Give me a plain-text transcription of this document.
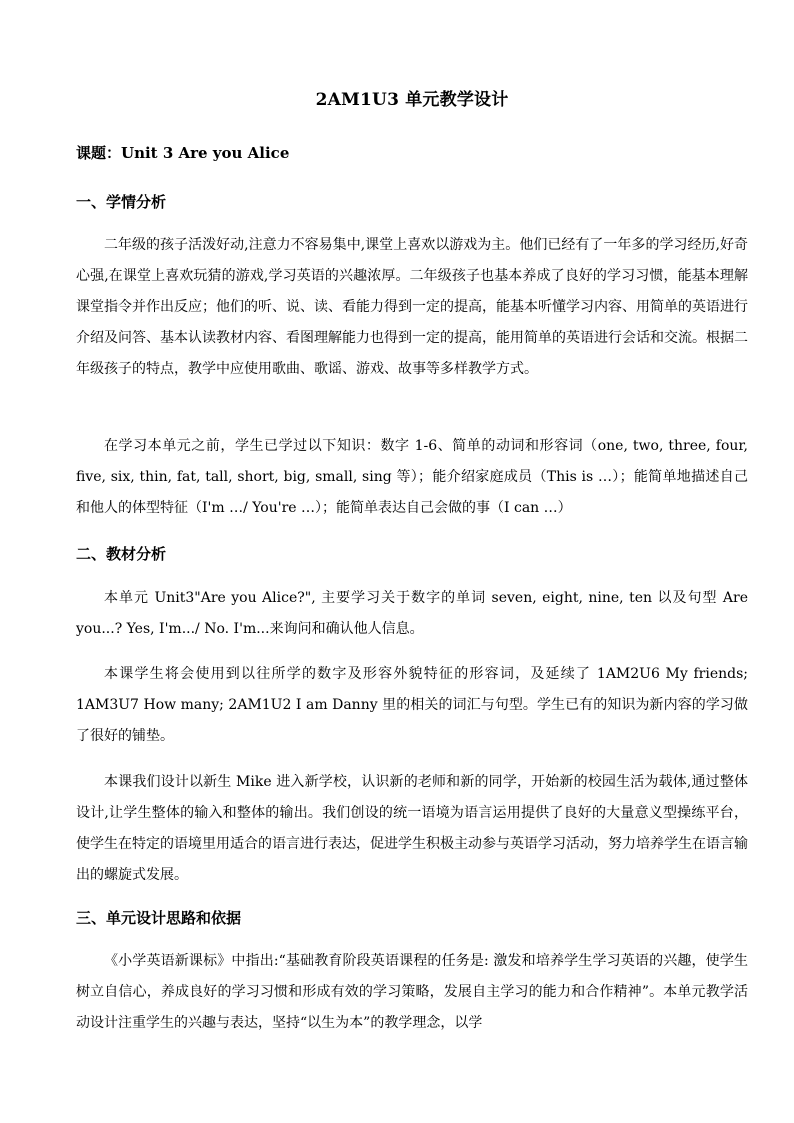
2AM1U3 单元教学设计
课题：Unit 3 Are you Alice
一、学情分析

二年级的孩子活泼好动,注意力不容易集中,课堂上喜欢以游戏为主。他们已经有了一年多的学习经历,好奇心强,在课堂上喜欢玩猜的游戏,学习英语的兴趣浓厚。二年级孩子也基本养成了良好的学习习惯，能基本理解课堂指令并作出反应；他们的听、说、读、看能力得到一定的提高，能基本听懂学习内容、用简单的英语进行介绍及问答、基本认读教材内容、看图理解能力也得到一定的提高，能用简单的英语进行会话和交流。根据二年级孩子的特点，教学中应使用歌曲、歌谣、游戏、故事等多样教学方式。

在学习本单元之前，学生已学过以下知识：数字 1-6、简单的动词和形容词（one, two, three, four, five, six, thin, fat, tall, short, big, small, sing 等）；能介绍家庭成员（This is …）；能简单地描述自己和他人的体型特征（I'm …/ You're …）；能简单表达自己会做的事（I can …）

二、教材分析

本单元 Unit3"Are you Alice?", 主要学习关于数字的单词 seven, eight, nine, ten 以及句型 Are you...? Yes, I'm.../ No. I'm...来询问和确认他人信息。

本课学生将会使用到以往所学的数字及形容外貌特征的形容词，及延续了 1AM2U6 My friends; 1AM3U7 How many; 2AM1U2 I am Danny 里的相关的词汇与句型。学生已有的知识为新内容的学习做了很好的铺垫。

本课我们设计以新生 Mike 进入新学校，认识新的老师和新的同学，开始新的校园生活为载体,通过整体设计,让学生整体的输入和整体的输出。我们创设的统一语境为语言运用提供了良好的大量意义型操练平台，使学生在特定的语境里用适合的语言进行表达，促进学生积极主动参与英语学习活动，努力培养学生在语言输出的螺旋式发展。

三、单元设计思路和依据

《小学英语新课标》中指出:“基础教育阶段英语课程的任务是: 激发和培养学生学习英语的兴趣，使学生树立自信心，养成良好的学习习惯和形成有效的学习策略，发展自主学习的能力和合作精神”。本单元教学活动设计注重学生的兴趣与表达，坚持“以生为本”的教学理念，以学
